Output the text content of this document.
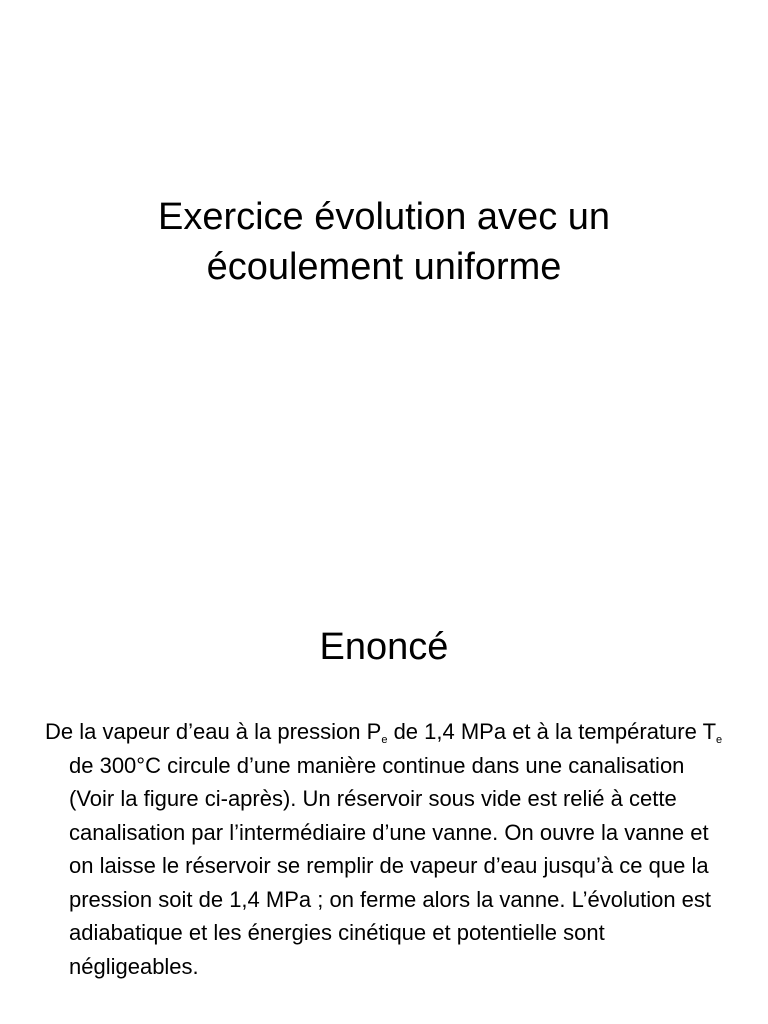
Exercice évolution avec un
écoulement uniforme
Enoncé

De la vapeur d’eau à la pression $P_e$ de 1,4 MPa et à la température $T_e$ de 300°C circule d’une manière continue dans une canalisation (Voir la figure ci-après). Un réservoir sous vide est relié à cette canalisation par l’intermédiaire d’une vanne. On ouvre la vanne et on laisse le réservoir se remplir de vapeur d’eau jusqu’à ce que la pression soit de 1,4 MPa ; on ferme alors la vanne. L’évolution est adiabatique et les énergies cinétique et potentielle sont négligeables.
